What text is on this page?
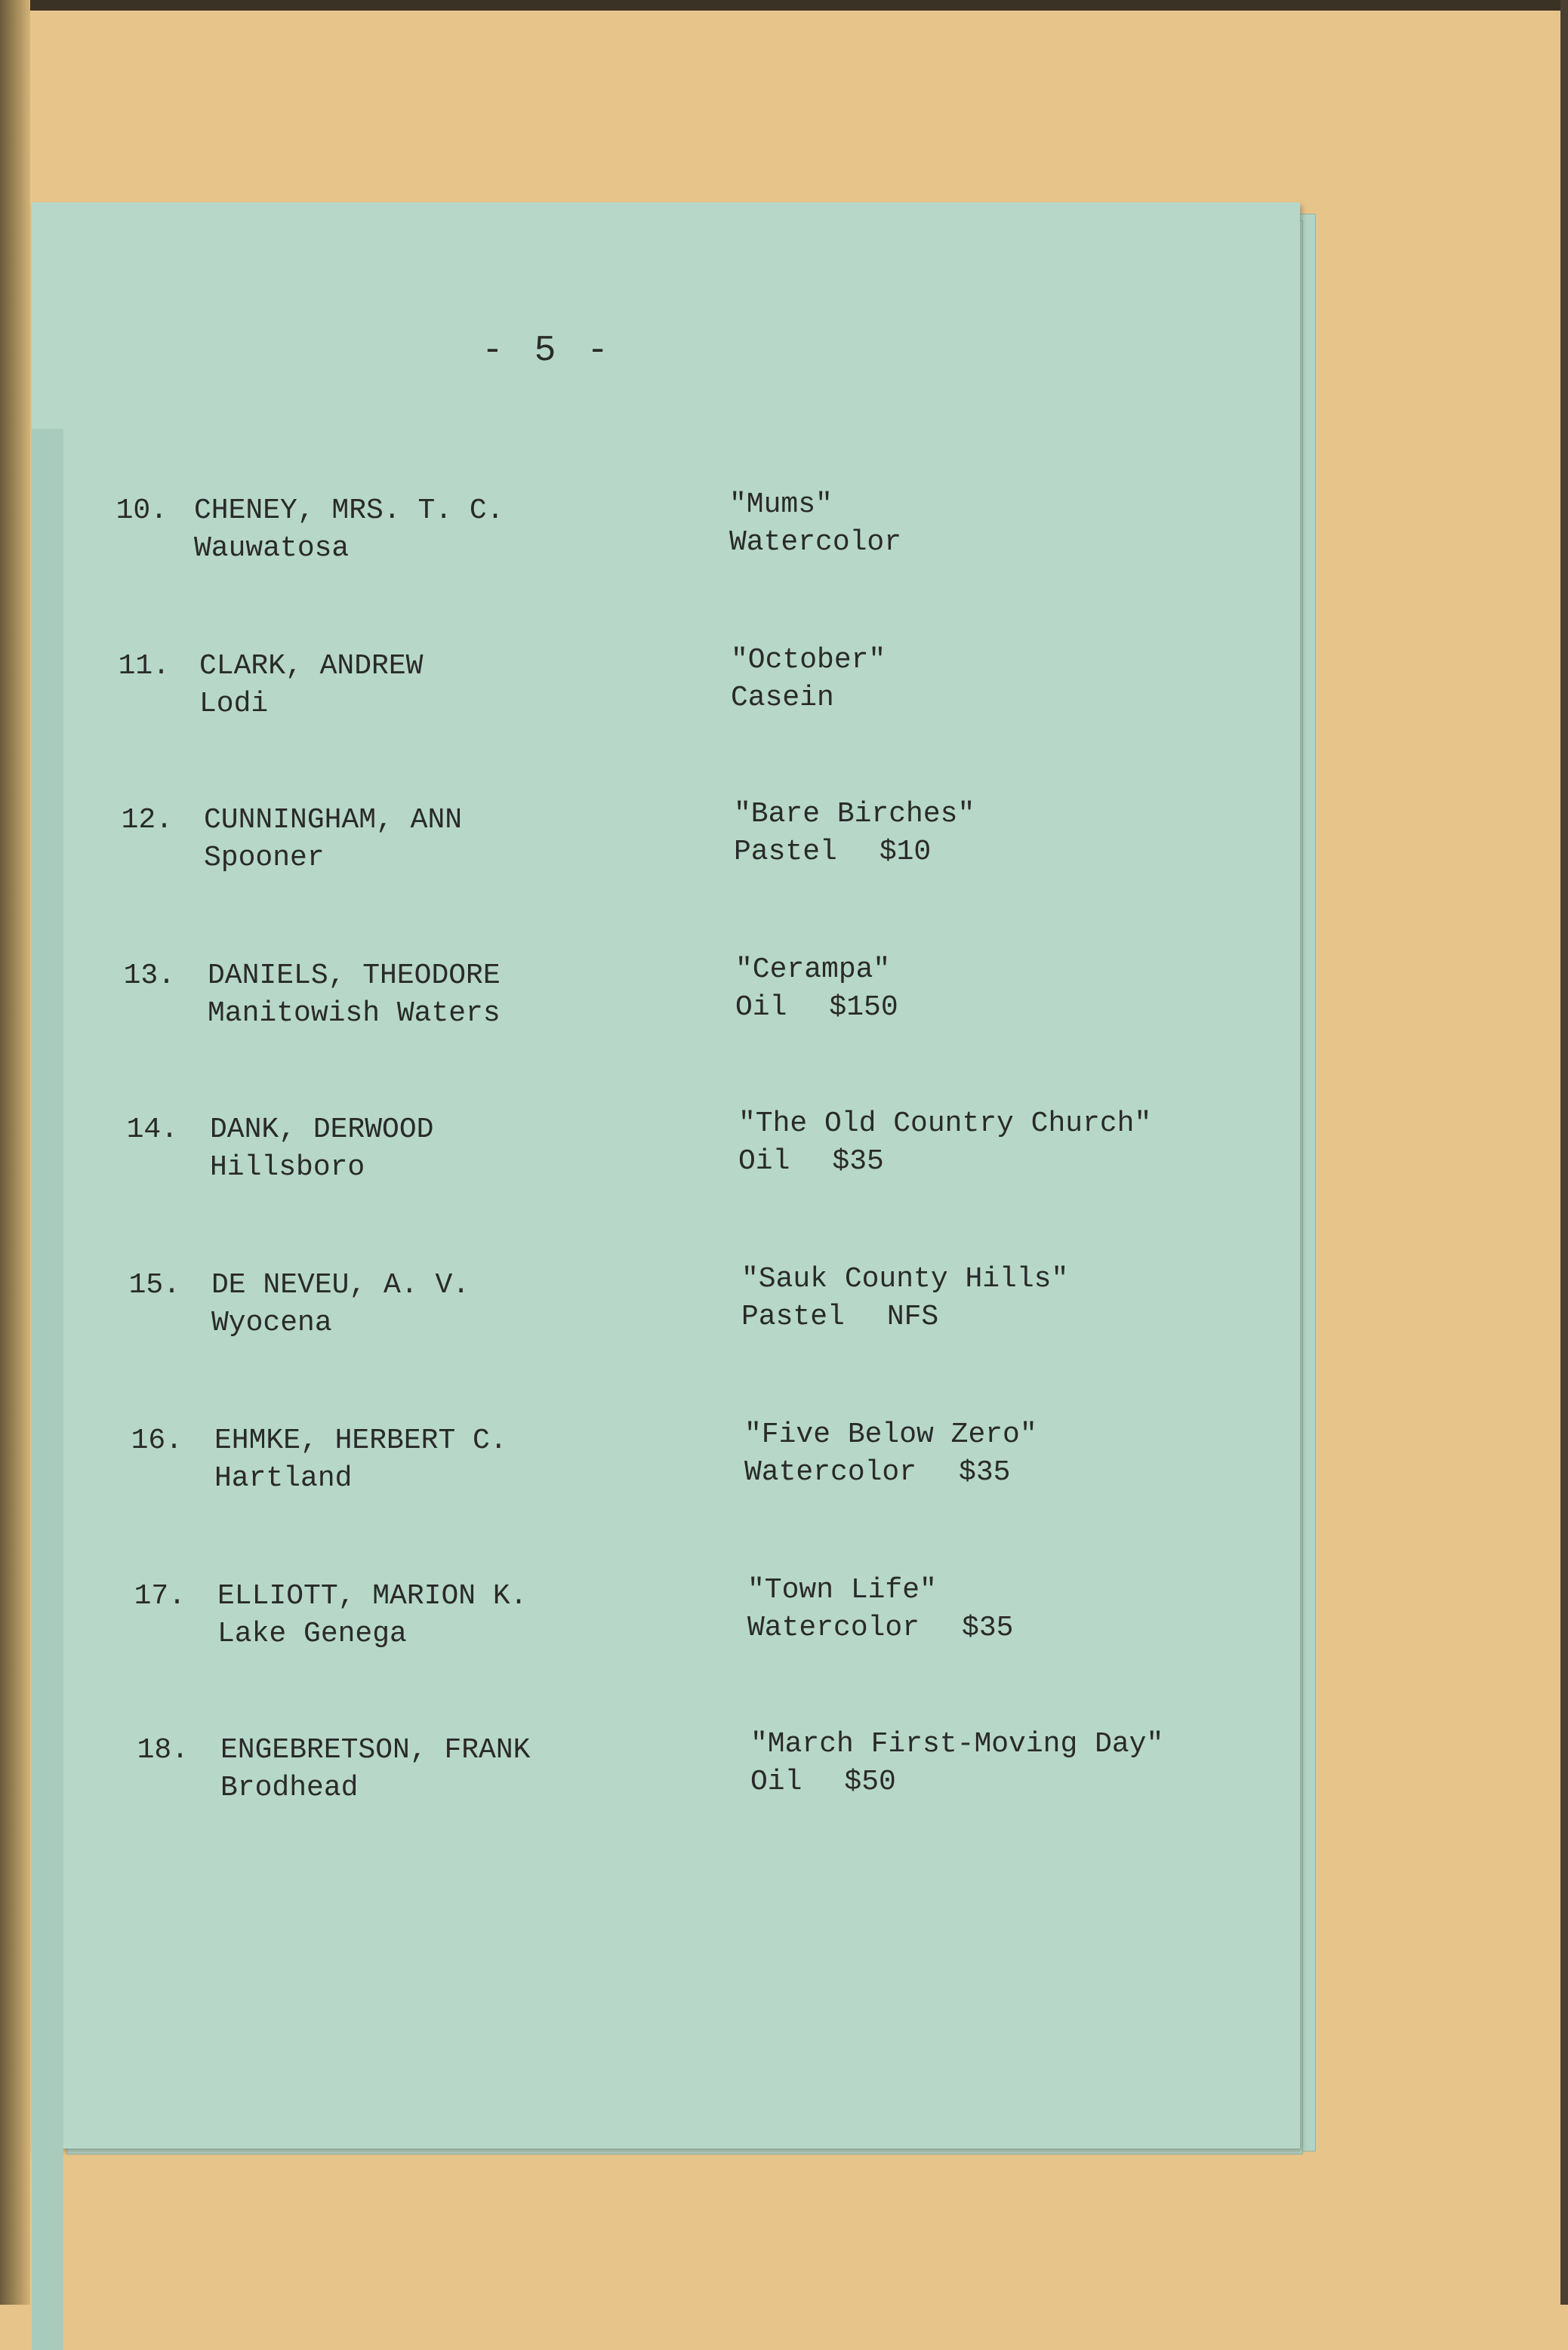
- 5 -
10. CHENEY, MRS. T. C.
Wauwatosa
"Mums"
Watercolor
11. CLARK, ANDREW
Lodi
"October"
Casein
12. CUNNINGHAM, ANN
Spooner
"Bare Birches"
Pastel $10
13. DANIELS, THEODORE
Manitowish Waters
"Cerampa"
Oil $150
14. DANK, DERWOOD
Hillsboro
"The Old Country Church"
Oil $35
15. DE NEVEU, A. V.
Wyocena
"Sauk County Hills"
Pastel NFS
16. EHMKE, HERBERT C.
Hartland
"Five Below Zero"
Watercolor $35
17. ELLIOTT, MARION K.
Lake Genega
"Town Life"
Watercolor $35
18. ENGEBRETSON, FRANK
Brodhead
"March First-Moving Day"
Oil $50
